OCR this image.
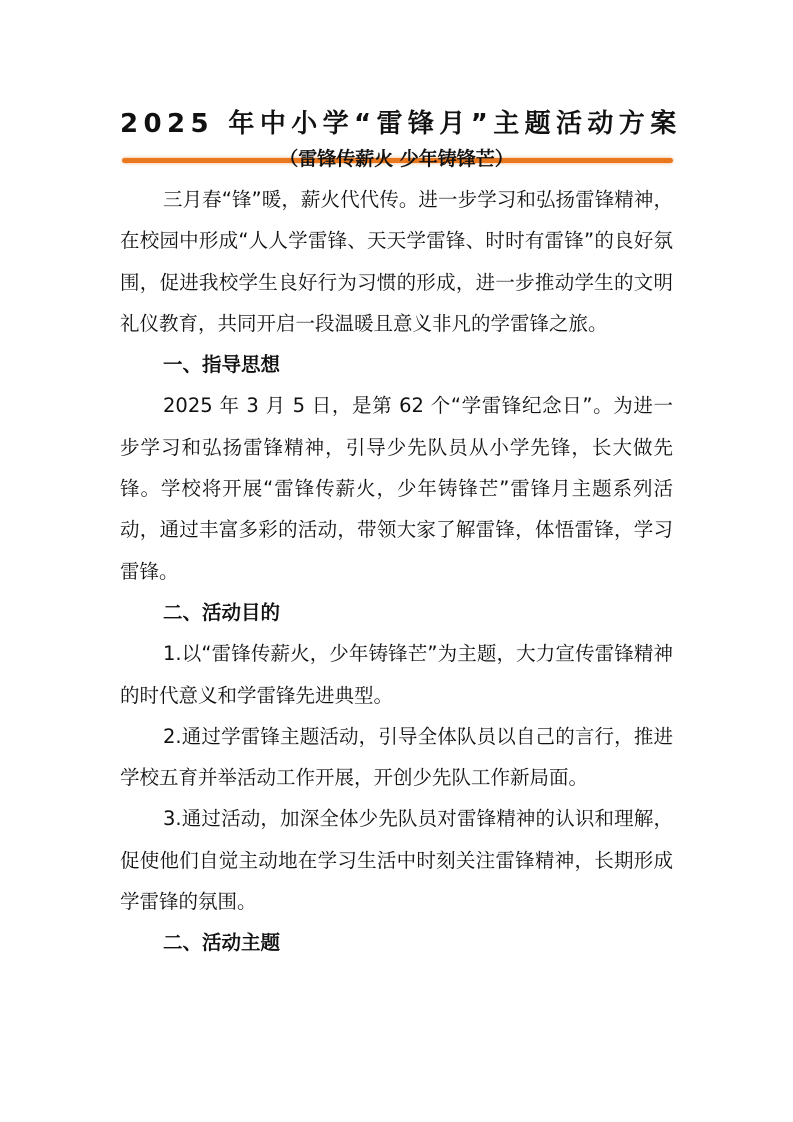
2025 年中小学“雷锋月”主题活动方案
（雷锋传薪火 少年铸锋芒）

三月春“锋”暖，薪火代代传。进一步学习和弘扬雷锋精神，在校园中形成“人人学雷锋、天天学雷锋、时时有雷锋”的良好氛围，促进我校学生良好行为习惯的形成，进一步推动学生的文明礼仪教育，共同开启一段温暖且意义非凡的学雷锋之旅。

一、指导思想

2025 年 3 月 5 日，是第 62 个“学雷锋纪念日”。为进一步学习和弘扬雷锋精神，引导少先队员从小学先锋，长大做先锋。学校将开展“雷锋传薪火，少年铸锋芒”雷锋月主题系列活动，通过丰富多彩的活动，带领大家了解雷锋，体悟雷锋，学习雷锋。

二、活动目的

1.以“雷锋传薪火，少年铸锋芒”为主题，大力宣传雷锋精神的时代意义和学雷锋先进典型。

2.通过学雷锋主题活动，引导全体队员以自己的言行，推进学校五育并举活动工作开展，开创少先队工作新局面。

3.通过活动，加深全体少先队员对雷锋精神的认识和理解，促使他们自觉主动地在学习生活中时刻关注雷锋精神，长期形成学雷锋的氛围。

二、活动主题
